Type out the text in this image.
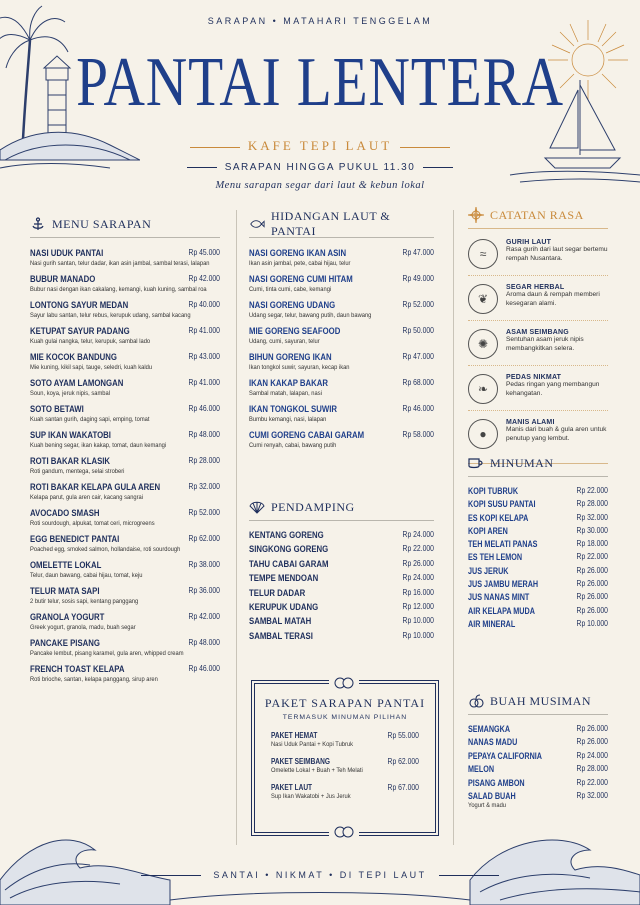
SARAPAN • MATAHARI TENGGELAM
PANTAI LENTERA
KAFE TEPI LAUT
SARAPAN HINGGA PUKUL 11.30
Menu sarapan segar dari laut & kebun lokal
MENU SARAPAN
NASI UDUK PANTAI	Rp 45.000
Nasi gurih santan, telur dadar, ikan asin jambal, sambal terasi, lalapan
BUBUR MANADO	Rp 42.000
Bubur nasi dengan ikan cakalang, kemangi, kuah kuning, sambal roa
LONTONG SAYUR MEDAN	Rp 40.000
Sayur labu santan, telur rebus, kerupuk udang, sambal kacang
KETUPAT SAYUR PADANG	Rp 41.000
Kuah gulai nangka, telur, kerupuk, sambal lado
MIE KOCOK BANDUNG	Rp 43.000
Mie kuning, kikil sapi, tauge, seledri, kuah kaldu
SOTO AYAM LAMONGAN	Rp 41.000
Soun, koya, jeruk nipis, sambal
SOTO BETAWI	Rp 46.000
Kuah santan gurih, daging sapi, emping, tomat
SUP IKAN WAKATOBI	Rp 48.000
Kuah bening segar, ikan kakap, tomat, daun kemangi
ROTI BAKAR KLASIK	Rp 28.000
Roti gandum, mentega, selai stroberi
ROTI BAKAR KELAPA GULA AREN	Rp 32.000
Kelapa parut, gula aren cair, kacang sangrai
AVOCADO SMASH	Rp 52.000
Roti sourdough, alpukat, tomat ceri, microgreens
EGG BENEDICT PANTAI	Rp 62.000
Poached egg, smoked salmon, hollandaise, roti sourdough
OMELETTE LOKAL	Rp 38.000
Telur, daun bawang, cabai hijau, tomat, keju
TELUR MATA SAPI	Rp 36.000
2 butir telur, sosis sapi, kentang panggang
GRANOLA YOGURT	Rp 42.000
Greek yogurt, granola, madu, buah segar
PANCAKE PISANG	Rp 48.000
Pancake lembut, pisang karamel, gula aren, whipped cream
FRENCH TOAST KELAPA	Rp 46.000
Roti brioche, santan, kelapa panggang, sirup aren
HIDANGAN LAUT & PANTAI
NASI GORENG IKAN ASIN	Rp 47.000
Ikan asin jambal, pete, cabai hijau, telur
NASI GORENG CUMI HITAM	Rp 49.000
Cumi, tinta cumi, cabe, kemangi
NASI GORENG UDANG	Rp 52.000
Udang segar, telur, bawang putih, daun bawang
MIE GORENG SEAFOOD	Rp 50.000
Udang, cumi, sayuran, telur
BIHUN GORENG IKAN	Rp 47.000
Ikan tongkol suwir, sayuran, kecap ikan
IKAN KAKAP BAKAR	Rp 68.000
Sambal matah, lalapan, nasi
IKAN TONGKOL SUWIR	Rp 46.000
Bumbu kemangi, nasi, lalapan
CUMI GORENG CABAI GARAM	Rp 58.000
Cumi renyah, cabai, bawang putih
PENDAMPING
KENTANG GORENG	Rp 24.000
SINGKONG GORENG	Rp 22.000
TAHU CABAI GARAM	Rp 26.000
TEMPE MENDOAN	Rp 24.000
TELUR DADAR	Rp 16.000
KERUPUK UDANG	Rp 12.000
SAMBAL MATAH	Rp 10.000
SAMBAL TERASI	Rp 10.000
PAKET SARAPAN PANTAI
TERMASUK MINUMAN PILIHAN
PAKET HEMAT	Rp 55.000
Nasi Uduk Pantai + Kopi Tubruk
PAKET SEIMBANG	Rp 62.000
Omelette Lokal + Buah + Teh Melati
PAKET LAUT	Rp 67.000
Sup Ikan Wakatobi + Jus Jeruk
CATATAN RASA
≈
GURIH LAUT
Rasa gurih dari laut segar bertemu rempah Nusantara.
❦
SEGAR HERBAL
Aroma daun & rempah memberi kesegaran alami.
✺
ASAM SEIMBANG
Sentuhan asam jeruk nipis membangkitkan selera.
❧
PEDAS NIKMAT
Pedas ringan yang membangun kehangatan.
●
MANIS ALAMI
Manis dari buah & gula aren untuk penutup yang lembut.
MINUMAN
KOPI TUBRUK	Rp 22.000
KOPI SUSU PANTAI	Rp 28.000
ES KOPI KELAPA	Rp 32.000
KOPI AREN	Rp 30.000
TEH MELATI PANAS	Rp 18.000
ES TEH LEMON	Rp 22.000
JUS JERUK	Rp 26.000
JUS JAMBU MERAH	Rp 26.000
JUS NANAS MINT	Rp 26.000
AIR KELAPA MUDA	Rp 26.000
AIR MINERAL	Rp 10.000
BUAH MUSIMAN
SEMANGKA	Rp 26.000
NANAS MADU	Rp 26.000
PEPAYA CALIFORNIA	Rp 24.000
MELON	Rp 28.000
PISANG AMBON	Rp 22.000
SALAD BUAH	Rp 32.000
Yogurt & madu
SANTAI • NIKMAT • DI TEPI LAUT
